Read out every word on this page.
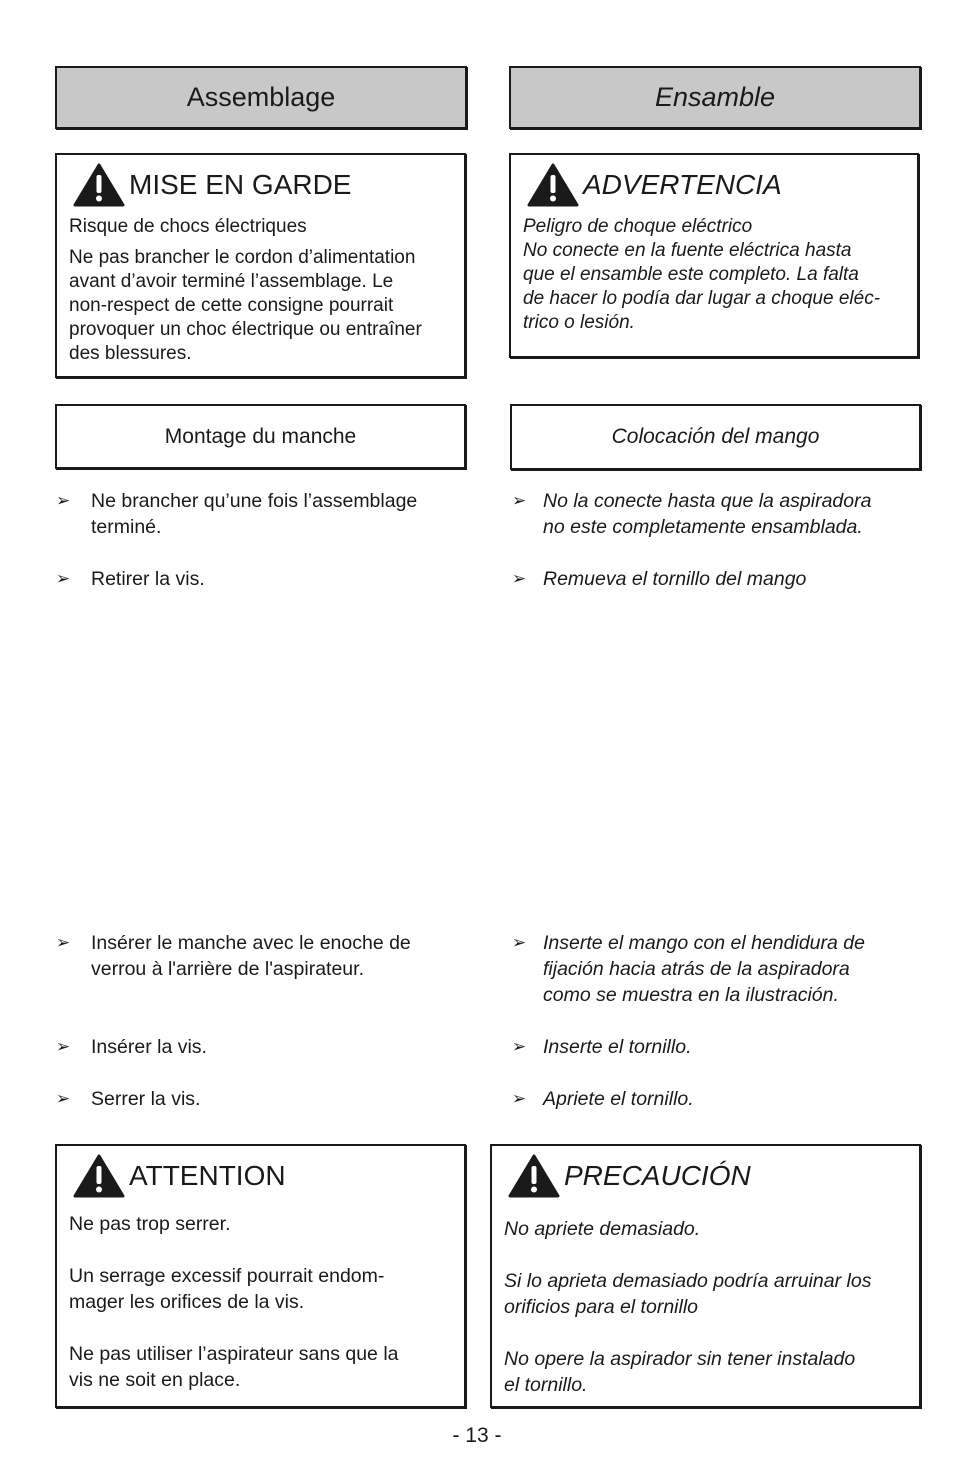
Assemblage	Ensamble
MISE EN GARDE

Risque de chocs électriques

Ne pas brancher le cordon d’alimentation

avant d’avoir terminé l’assemblage. Le

non-respect de cette consigne pourrait

provoquer un choc électrique ou entraîner

des blessures.

ADVERTENCIA

Peligro de choque eléctrico

No conecte en la fuente eléctrica hasta

que el ensamble este completo. La falta

de hacer lo podía dar lugar a choque eléc-

trico o lesión.

Montage du manche	Colocación del mango
➢	Ne brancher qu’une fois l’assemblage
terminé.
➢	Retirer la vis.
➢ No la conecte hasta que la aspiradora
no este completamente ensamblada.
➢ Remueva el tornillo del mango
➢	Insérer le manche avec le enoche de
verrou à l'arrière de l'aspirateur.
➢	Insérer la vis.
➢	Serrer la vis.
➢ Inserte el mango con el hendidura de
fijación hacia atrás de la aspiradora
como se muestra en la ilustración.
➢ Inserte el tornillo.
➢ Apriete el tornillo.
ATTENTION

Ne pas trop serrer.

Un serrage excessif pourrait endom-

mager les orifices de la vis.

Ne pas utiliser l’aspirateur sans que la

vis ne soit en place.

PRECAUCIÓN

No apriete demasiado.

Si lo aprieta demasiado podría arruinar los

orificios para el tornillo

No opere la aspirador sin tener instalado

el tornillo.

- 13 -
